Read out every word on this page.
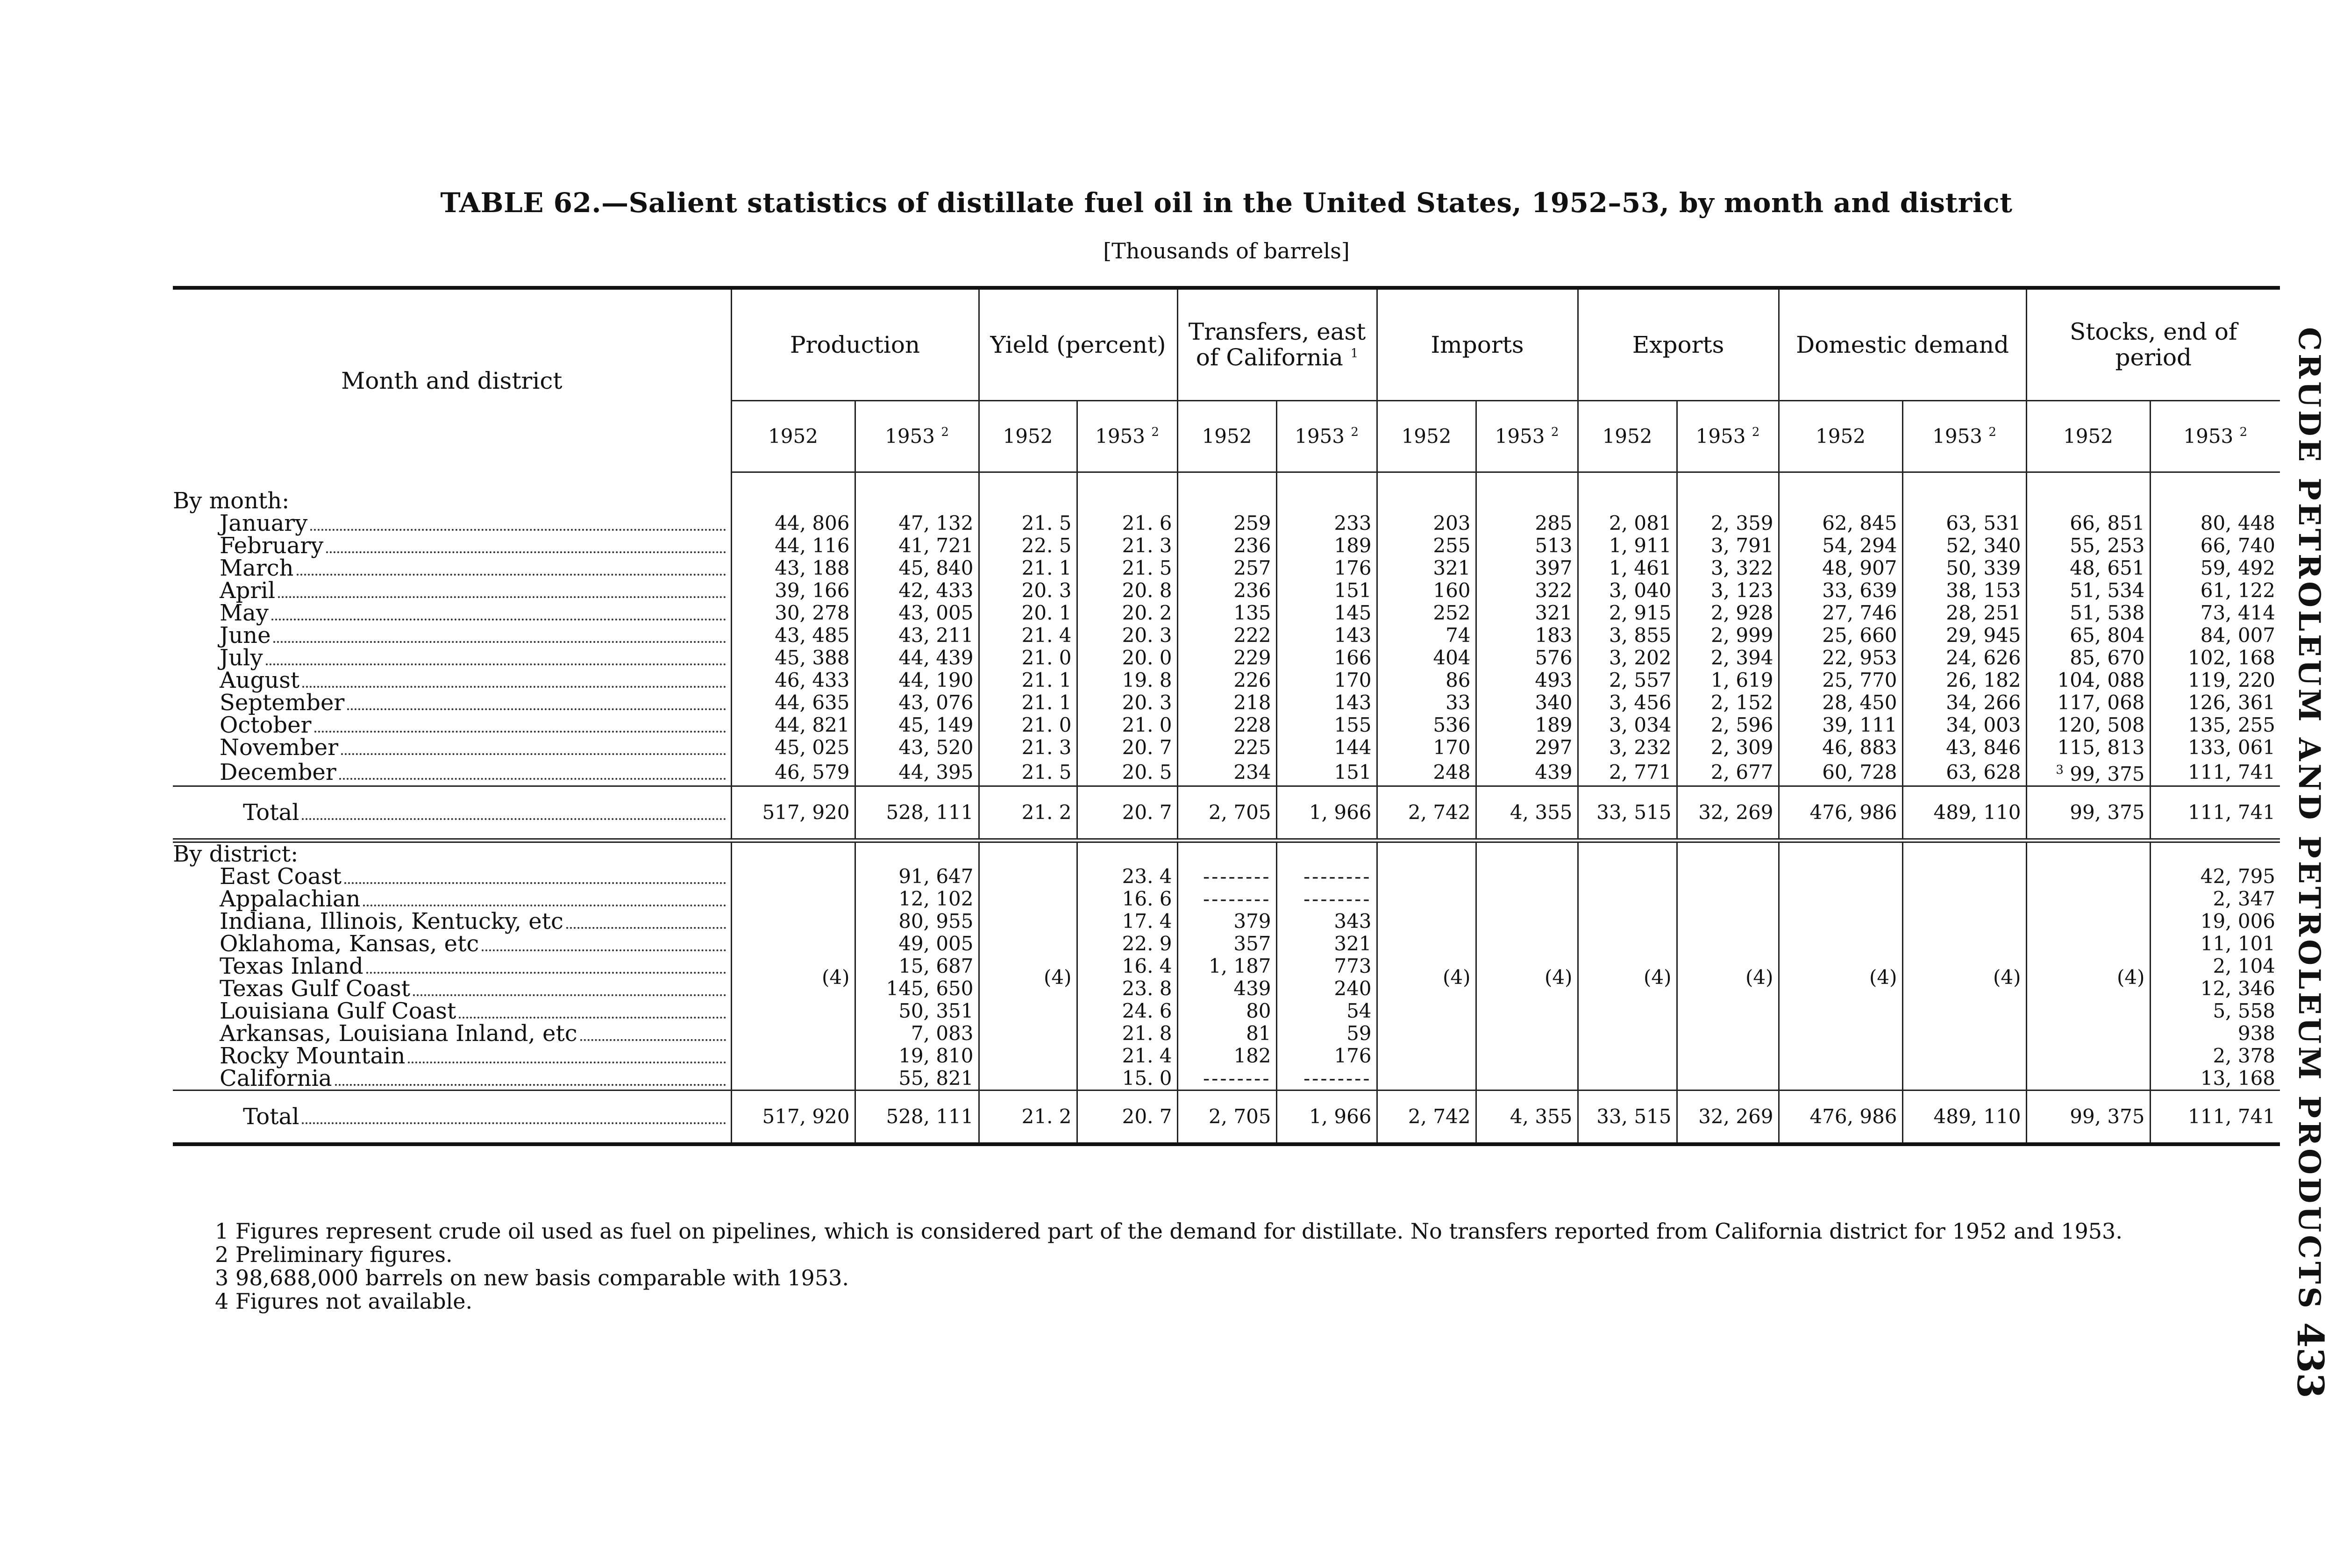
TABLE 62.—Salient statistics of distillate fuel oil in the United States, 1952–53, by month and district
[Thousands of barrels]
Month and district	Production		Yield (percent)		Transfers, east of California $^1$		Imports		Exports		Domestic demand		Stocks, end of period	
	1952	1953 $^2$	1952	1953 $^2$	1952	1953 $^2$	1952	1953 $^2$	1952	1953 $^2$	1952	1953 $^2$	1952	1953 $^2$

By month:														

January	44, 806	47, 132	21. 5	21. 6	259	233	203	285	2, 081	2, 359	62, 845	63, 531	66, 851	80, 448

February	44, 116	41, 721	22. 5	21. 3	236	189	255	513	1, 911	3, 791	54, 294	52, 340	55, 253	66, 740

March	43, 188	45, 840	21. 1	21. 5	257	176	321	397	1, 461	3, 322	48, 907	50, 339	48, 651	59, 492

April	39, 166	42, 433	20. 3	20. 8	236	151	160	322	3, 040	3, 123	33, 639	38, 153	51, 534	61, 122

May	30, 278	43, 005	20. 1	20. 2	135	145	252	321	2, 915	2, 928	27, 746	28, 251	51, 538	73, 414

June	43, 485	43, 211	21. 4	20. 3	222	143	74	183	3, 855	2, 999	25, 660	29, 945	65, 804	84, 007

July	45, 388	44, 439	21. 0	20. 0	229	166	404	576	3, 202	2, 394	22, 953	24, 626	85, 670	102, 168

August	46, 433	44, 190	21. 1	19. 8	226	170	86	493	2, 557	1, 619	25, 770	26, 182	104, 088	119, 220

September	44, 635	43, 076	21. 1	20. 3	218	143	33	340	3, 456	2, 152	28, 450	34, 266	117, 068	126, 361

October	44, 821	45, 149	21. 0	21. 0	228	155	536	189	3, 034	2, 596	39, 111	34, 003	120, 508	135, 255

November	45, 025	43, 520	21. 3	20. 7	225	144	170	297	3, 232	2, 309	46, 883	43, 846	115, 813	133, 061

December	46, 579	44, 395	21. 5	20. 5	234	151	248	439	2, 771	2, 677	60, 728	63, 628	$^3$ 99, 375	111, 741

Total	517, 920	528, 111	21. 2	20. 7	2, 705	1, 966	2, 742	4, 355	33, 515	32, 269	476, 986	489, 110	99, 375	111, 741
By district:														

East Coast	(4)	91, 647	(4)	23. 4	--------	--------	(4)	(4)	(4)	(4)	(4)	(4)	(4)	42, 795

Appalachian		12, 102		16. 6	--------	--------								2, 347

Indiana, Illinois, Kentucky, etc		80, 955		17. 4	379	343								19, 006

Oklahoma, Kansas, etc		49, 005		22. 9	357	321								11, 101

Texas Inland		15, 687		16. 4	1, 187	773								2, 104

Texas Gulf Coast		145, 650		23. 8	439	240								12, 346

Louisiana Gulf Coast		50, 351		24. 6	80	54								5, 558

Arkansas, Louisiana Inland, etc		7, 083		21. 8	81	59								938

Rocky Mountain		19, 810		21. 4	182	176								2, 378

California		55, 821		15. 0	--------	--------								13, 168

Total	517, 920	528, 111	21. 2	20. 7	2, 705	1, 966	2, 742	4, 355	33, 515	32, 269	476, 986	489, 110	99, 375	111, 741
1 Figures represent crude oil used as fuel on pipelines, which is considered part of the demand for distillate. No transfers reported from California district for 1952 and 1953.
2 Preliminary figures.
3 98,688,000 barrels on new basis comparable with 1953.
4 Figures not available.	CRUDE PETROLEUM AND PETROLEUM PRODUCTS
433
